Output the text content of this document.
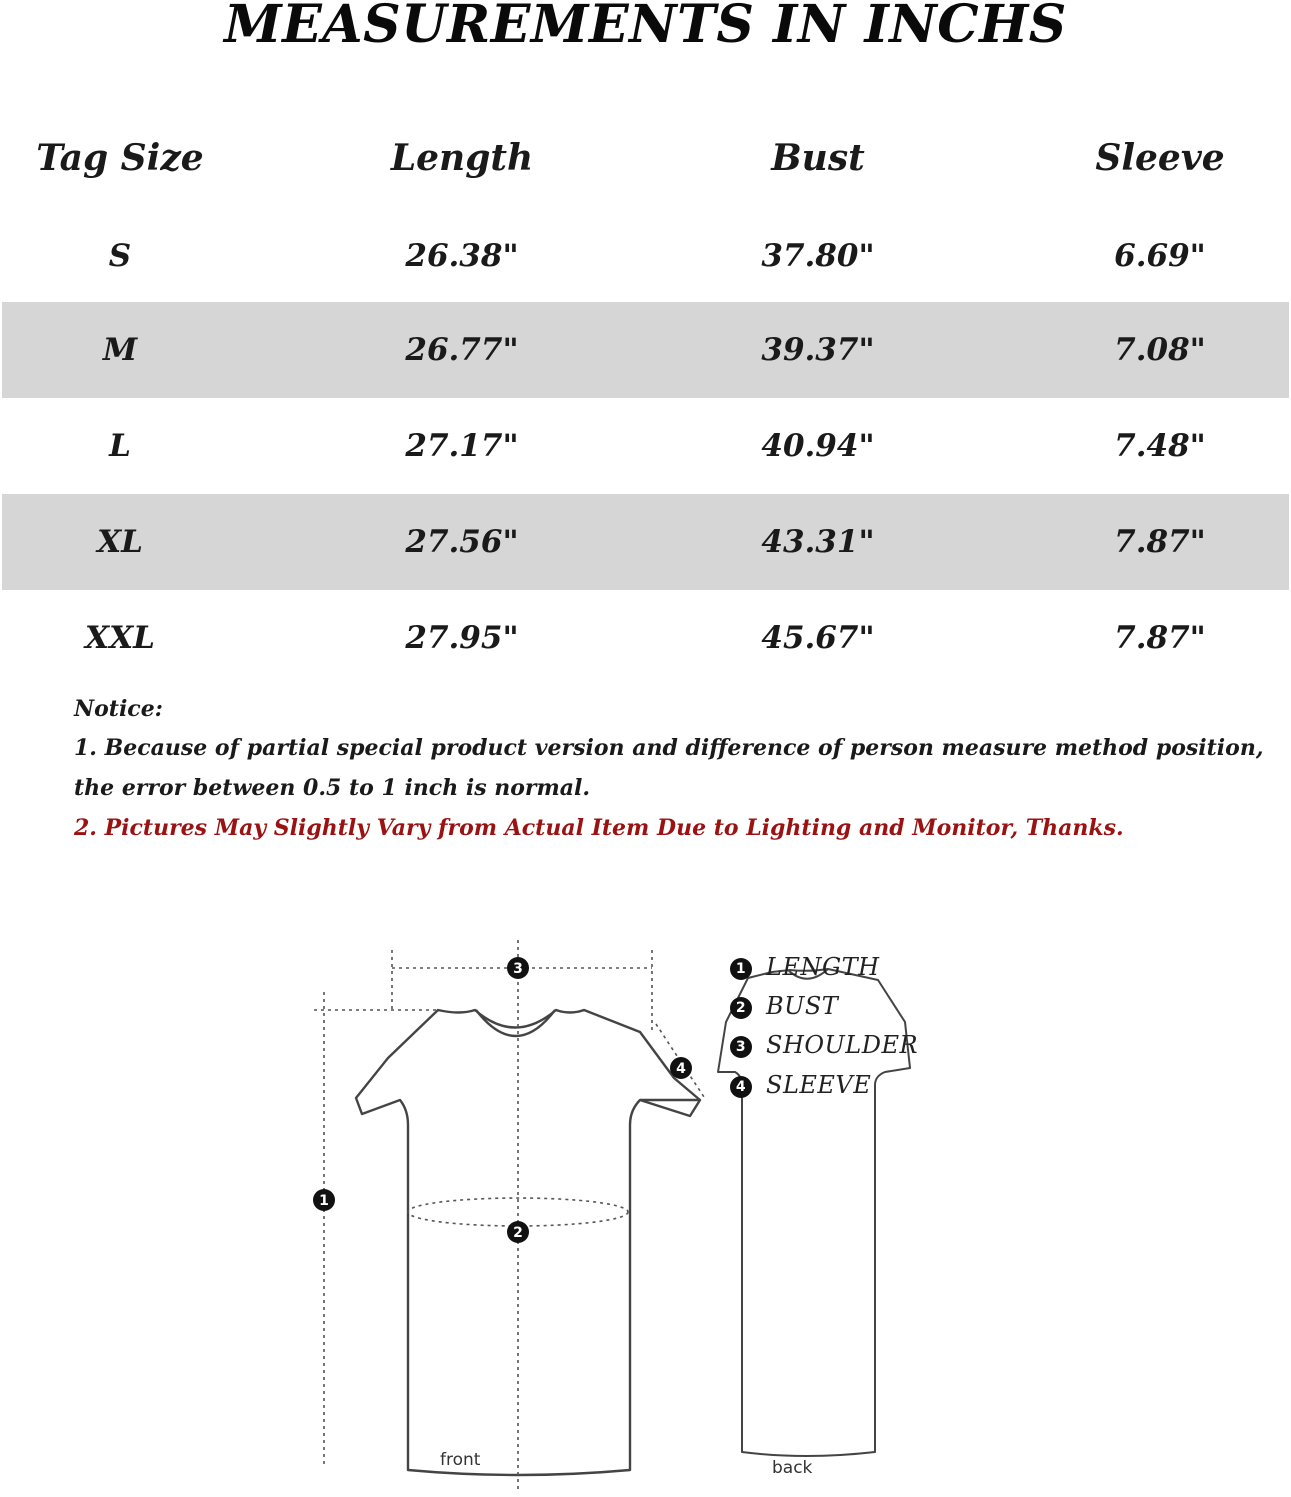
MEASUREMENTS IN INCHS
Tag Size	Length	Bust	Sleeve
S	26.38"	37.80"	6.69"
M	26.77"	39.37"	7.08"
L	27.17"	40.94"	7.48"
XL	27.56"	43.31"	7.87"
XXL	27.95"	45.67"	7.87"
Notice:
1. Because of partial special product version and difference of person measure method position,
the error between 0.5 to 1 inch is normal.
2. Pictures May Slightly Vary from Actual Item Due to Lighting and Monitor, Thanks.
3
1
2
4
1 LENGTH
2 BUST
3 SHOULDER
4 SLEEVE
front	back
